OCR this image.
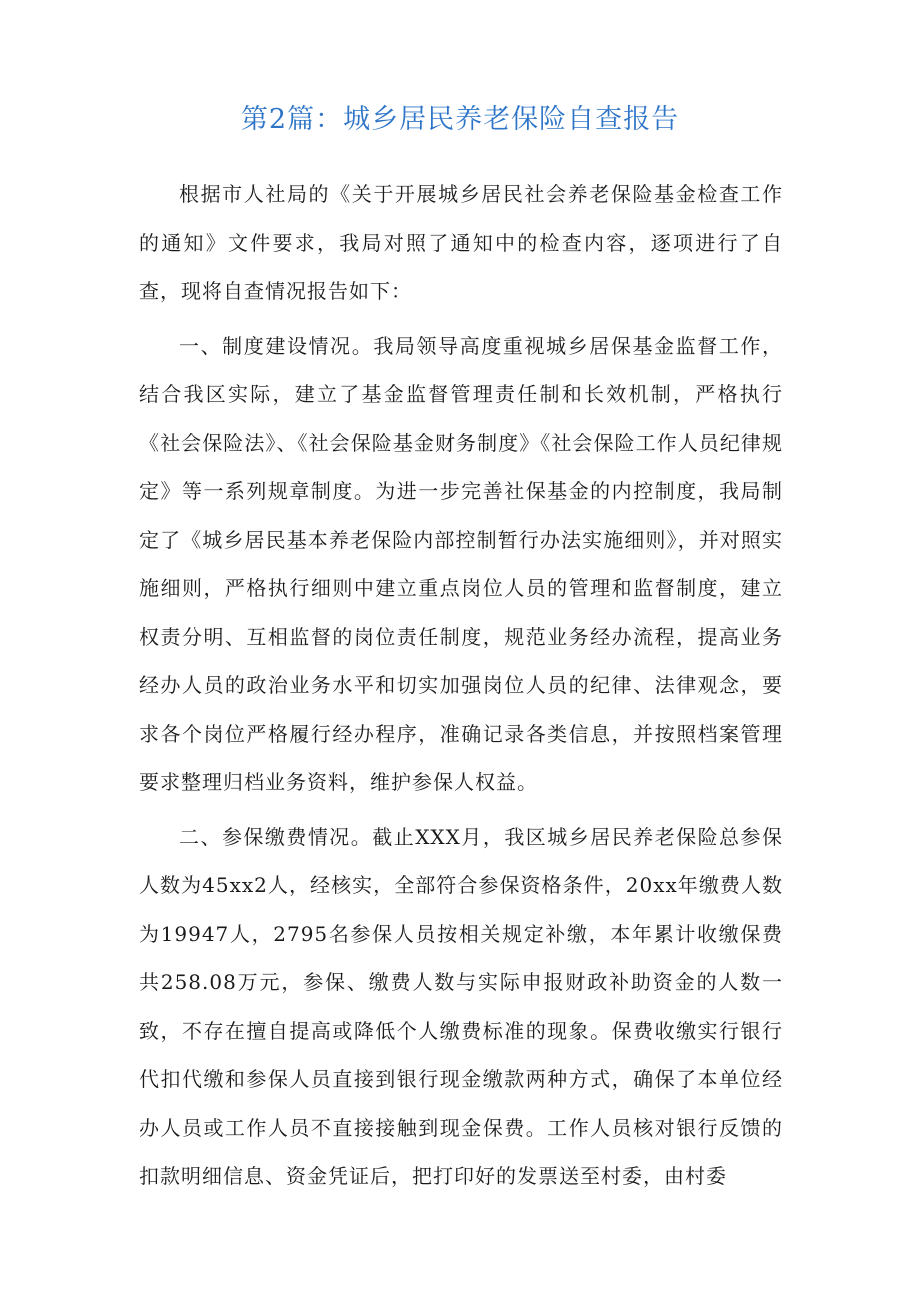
第2篇：城乡居民养老保险自查报告

根据市人社局的《关于开展城乡居民社会养老保险基金检查工作的通知》文件要求，我局对照了通知中的检查内容，逐项进行了自查，现将自查情况报告如下：

一、制度建设情况。我局领导高度重视城乡居保基金监督工作，结合我区实际，建立了基金监督管理责任制和长效机制，严格执行《社会保险法》、《社会保险基金财务制度》《社会保险工作人员纪律规定》等一系列规章制度。为进一步完善社保基金的内控制度，我局制定了《城乡居民基本养老保险内部控制暂行办法实施细则》，并对照实施细则，严格执行细则中建立重点岗位人员的管理和监督制度，建立权责分明、互相监督的岗位责任制度，规范业务经办流程，提高业务经办人员的政治业务水平和切实加强岗位人员的纪律、法律观念，要求各个岗位严格履行经办程序，准确记录各类信息，并按照档案管理要求整理归档业务资料，维护参保人权益。

二、参保缴费情况。截止XXX月，我区城乡居民养老保险总参保人数为45xx2人，经核实，全部符合参保资格条件，20xx年缴费人数为19947人，2795名参保人员按相关规定补缴，本年累计收缴保费共258.08万元，参保、缴费人数与实际申报财政补助资金的人数一致，不存在擅自提高或降低个人缴费标准的现象。保费收缴实行银行代扣代缴和参保人员直接到银行现金缴款两种方式，确保了本单位经办人员或工作人员不直接接触到现金保费。工作人员核对银行反馈的扣款明细信息、资金凭证后，把打印好的发票送至村委，由村委
